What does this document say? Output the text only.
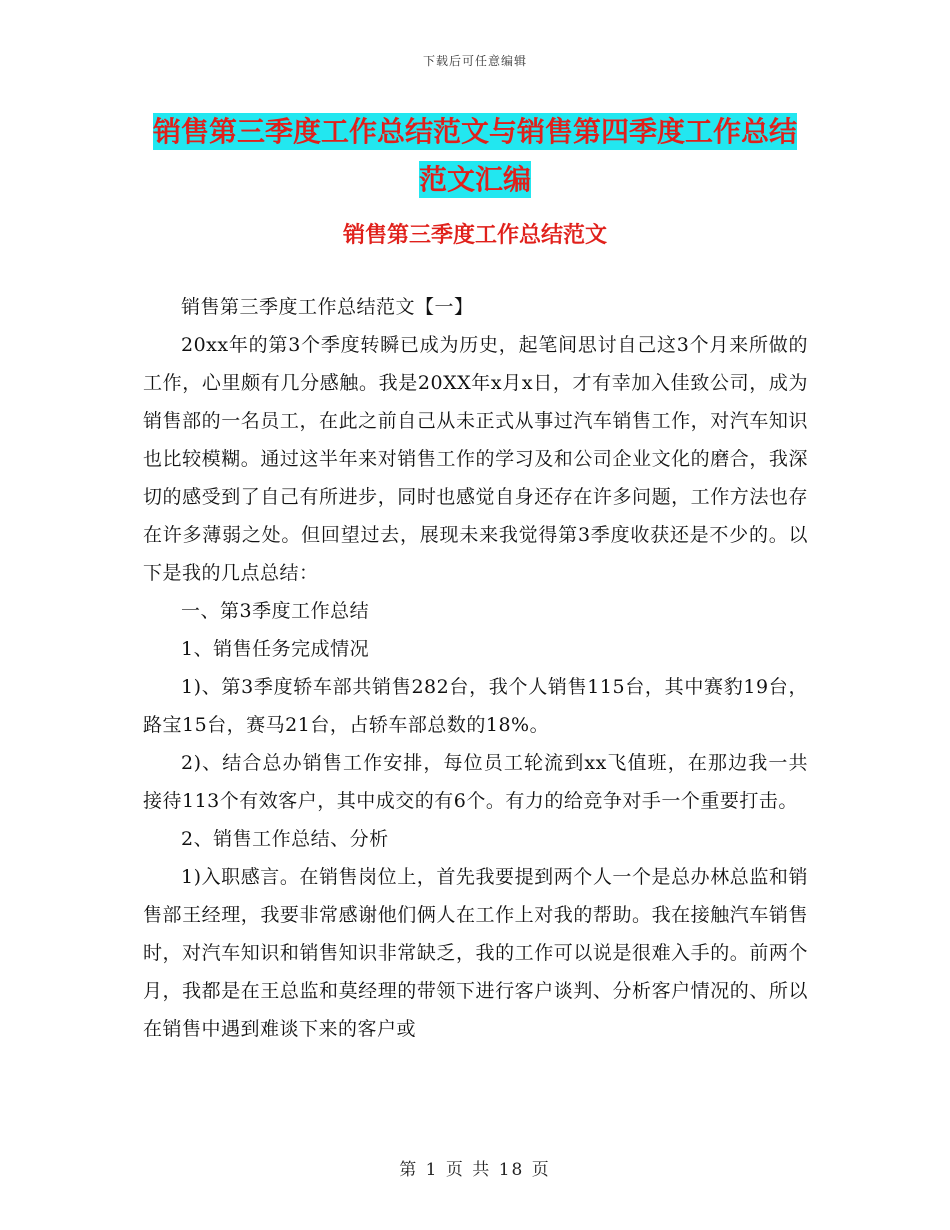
下载后可任意编辑
销售第三季度工作总结范文与销售第四季度工作总结范文汇编
销售第三季度工作总结范文

销售第三季度工作总结范文【一】

20xx年的第3个季度转瞬已成为历史，起笔间思讨自己这3个月来所做的工作，心里颇有几分感触。我是20XX年x月x日，才有幸加入佳致公司，成为销售部的一名员工，在此之前自己从未正式从事过汽车销售工作，对汽车知识也比较模糊。通过这半年来对销售工作的学习及和公司企业文化的磨合，我深切的感受到了自己有所进步，同时也感觉自身还存在许多问题，工作方法也存在许多薄弱之处。但回望过去，展现未来我觉得第3季度收获还是不少的。以下是我的几点总结：

一、第3季度工作总结

1、销售任务完成情况

1)、第3季度轿车部共销售282台，我个人销售115台，其中赛豹19台，路宝15台，赛马21台，占轿车部总数的18%。

2)、结合总办销售工作安排，每位员工轮流到xx飞值班，在那边我一共接待113个有效客户，其中成交的有6个。有力的给竞争对手一个重要打击。

2、销售工作总结、分析

1)入职感言。在销售岗位上，首先我要提到两个人一个是总办林总监和销售部王经理，我要非常感谢他们俩人在工作上对我的帮助。我在接触汽车销售时，对汽车知识和销售知识非常缺乏，我的工作可以说是很难入手的。前两个月，我都是在王总监和莫经理的带领下进行客户谈判、分析客户情况的、所以在销售中遇到难谈下来的客户或

第 1 页 共 18 页
